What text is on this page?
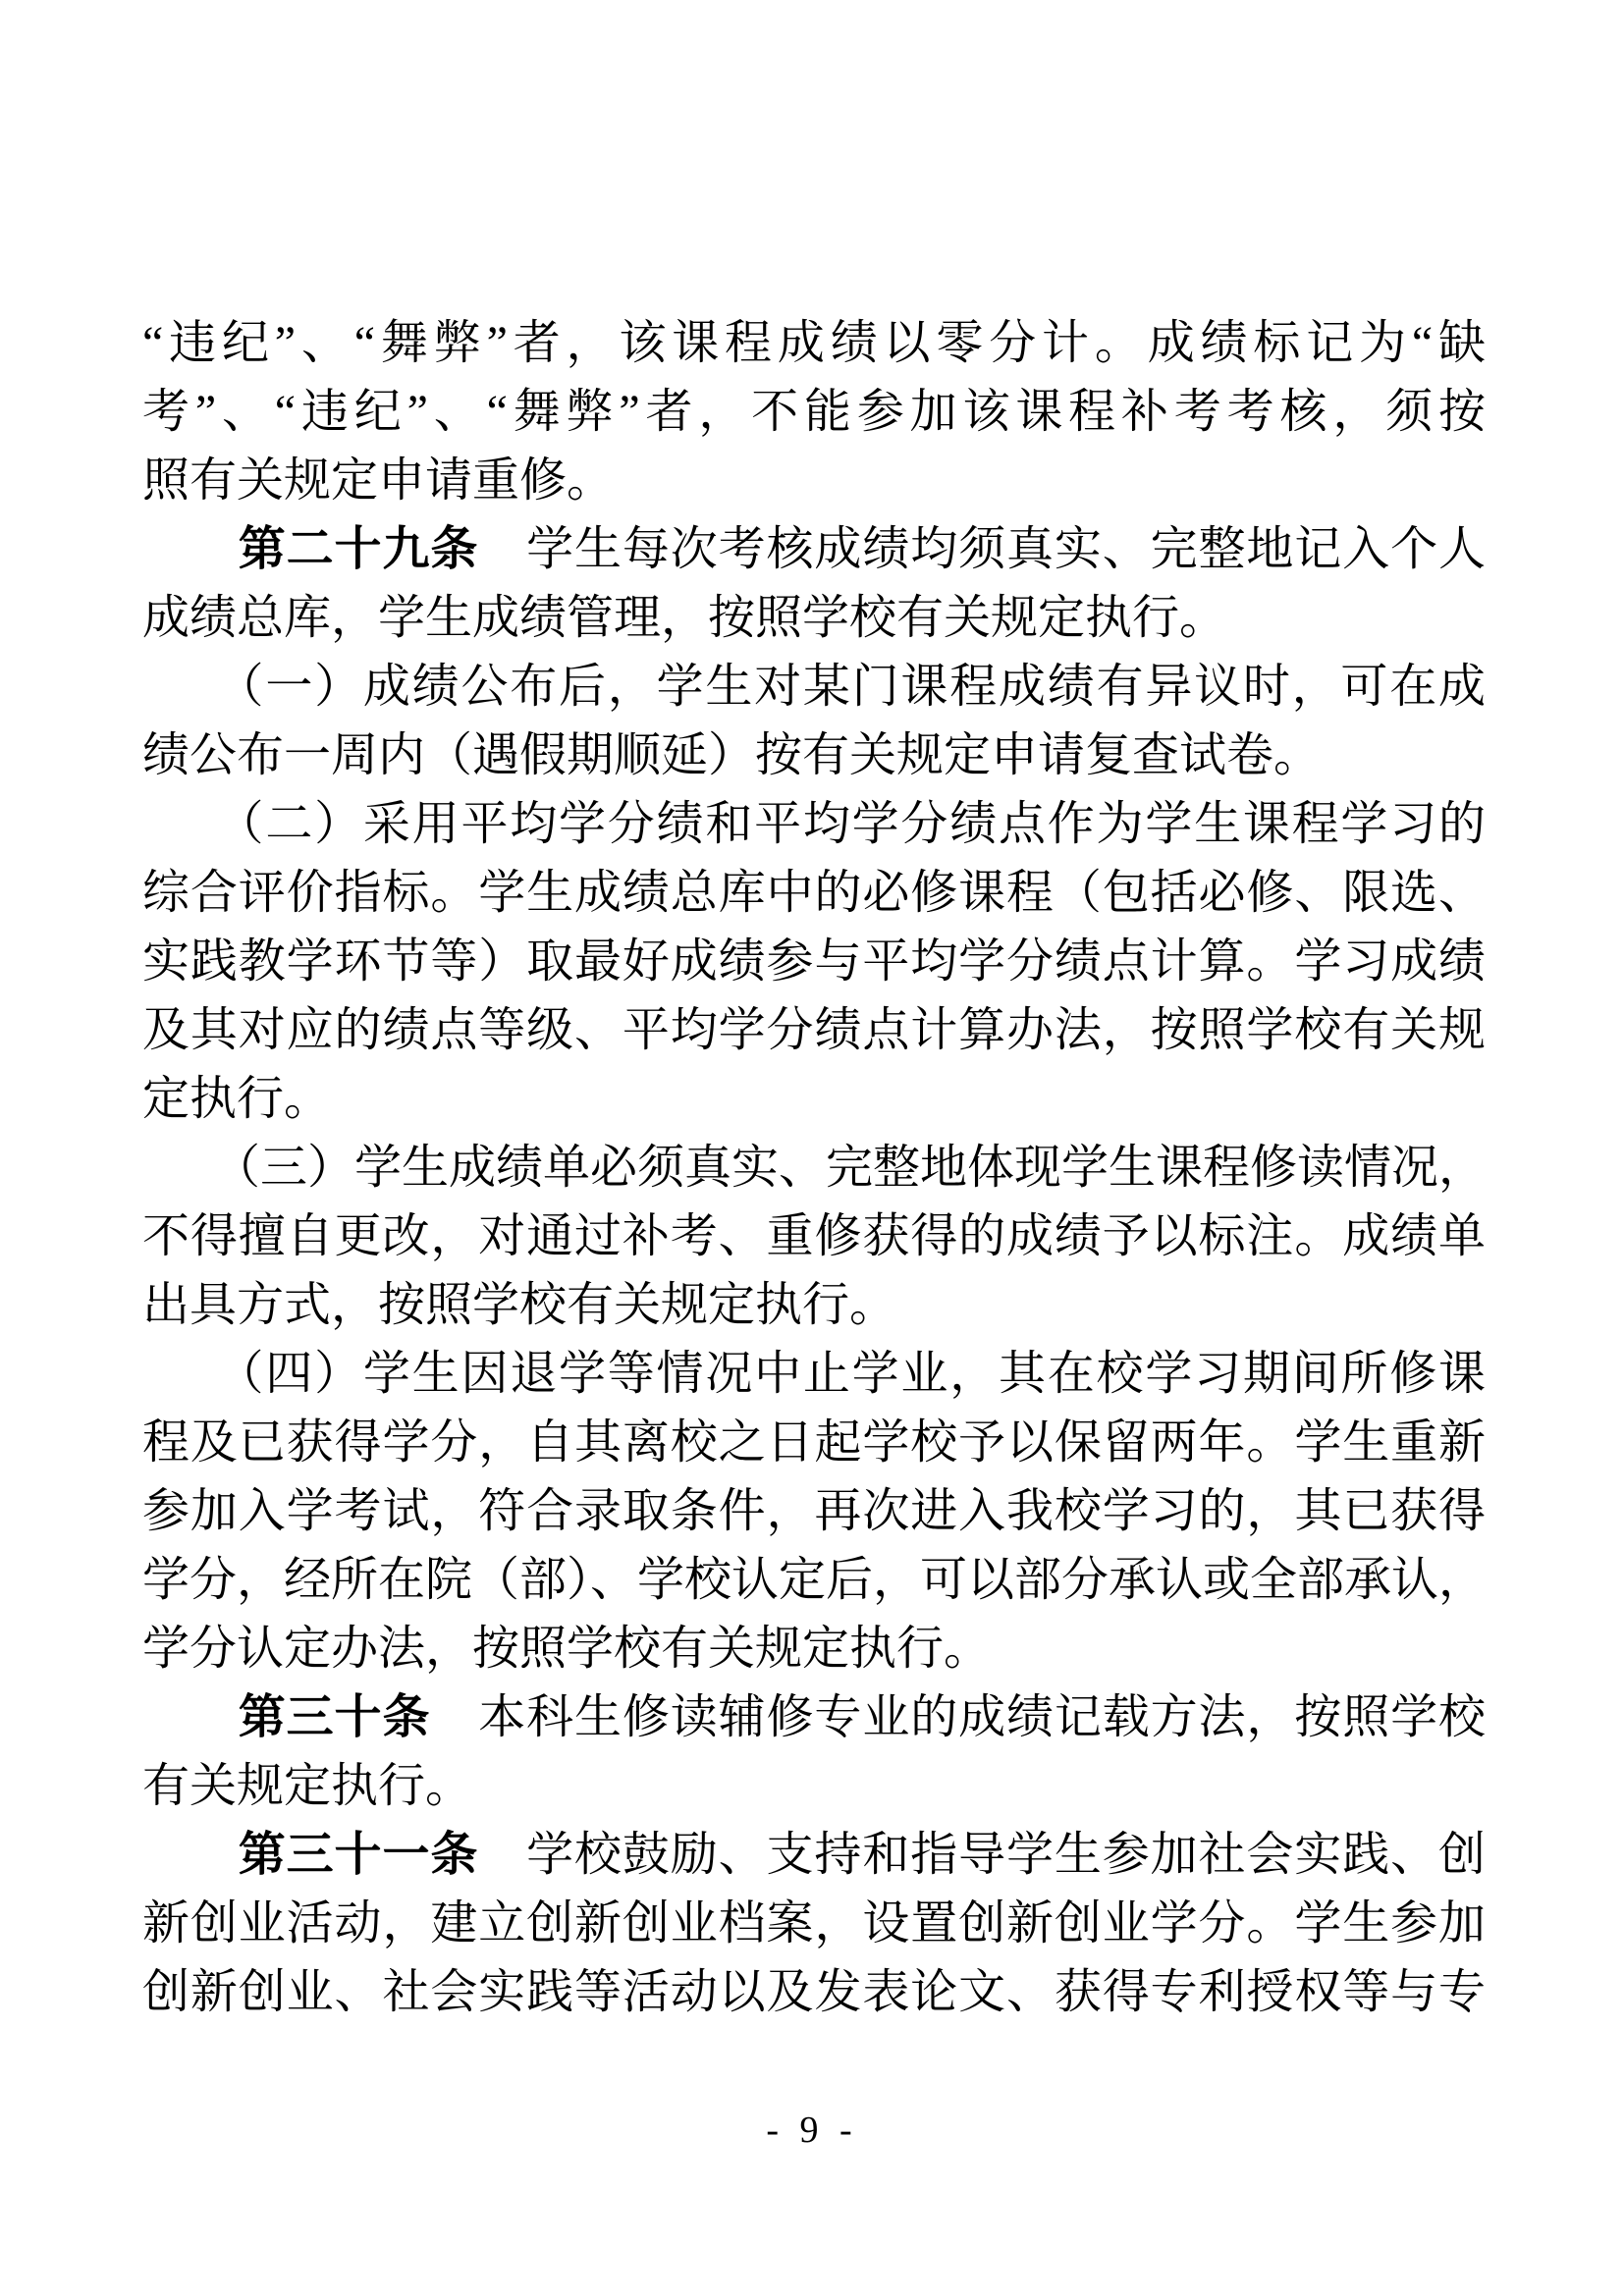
“违纪”、“舞弊”者，该课程成绩以零分计。成绩标记为“缺
考”、“违纪”、“舞弊”者，不能参加该课程补考考核，须按
照有关规定申请重修。
　　第二十九条　学生每次考核成绩均须真实、完整地记入个人
成绩总库，学生成绩管理，按照学校有关规定执行。
　　（一）成绩公布后，学生对某门课程成绩有异议时，可在成
绩公布一周内（遇假期顺延）按有关规定申请复查试卷。
　　（二）采用平均学分绩和平均学分绩点作为学生课程学习的
综合评价指标。学生成绩总库中的必修课程（包括必修、限选、
实践教学环节等）取最好成绩参与平均学分绩点计算。学习成绩
及其对应的绩点等级、平均学分绩点计算办法，按照学校有关规
定执行。
　　（三）学生成绩单必须真实、完整地体现学生课程修读情况，
不得擅自更改，对通过补考、重修获得的成绩予以标注。成绩单
出具方式，按照学校有关规定执行。
　　（四）学生因退学等情况中止学业，其在校学习期间所修课
程及已获得学分，自其离校之日起学校予以保留两年。学生重新
参加入学考试，符合录取条件，再次进入我校学习的，其已获得
学分，经所在院（部）、学校认定后，可以部分承认或全部承认，
学分认定办法，按照学校有关规定执行。
　　第三十条　本科生修读辅修专业的成绩记载方法，按照学校
有关规定执行。
　　第三十一条　学校鼓励、支持和指导学生参加社会实践、创
新创业活动，建立创新创业档案，设置创新创业学分。学生参加
创新创业、社会实践等活动以及发表论文、获得专利授权等与专
- 9 -
